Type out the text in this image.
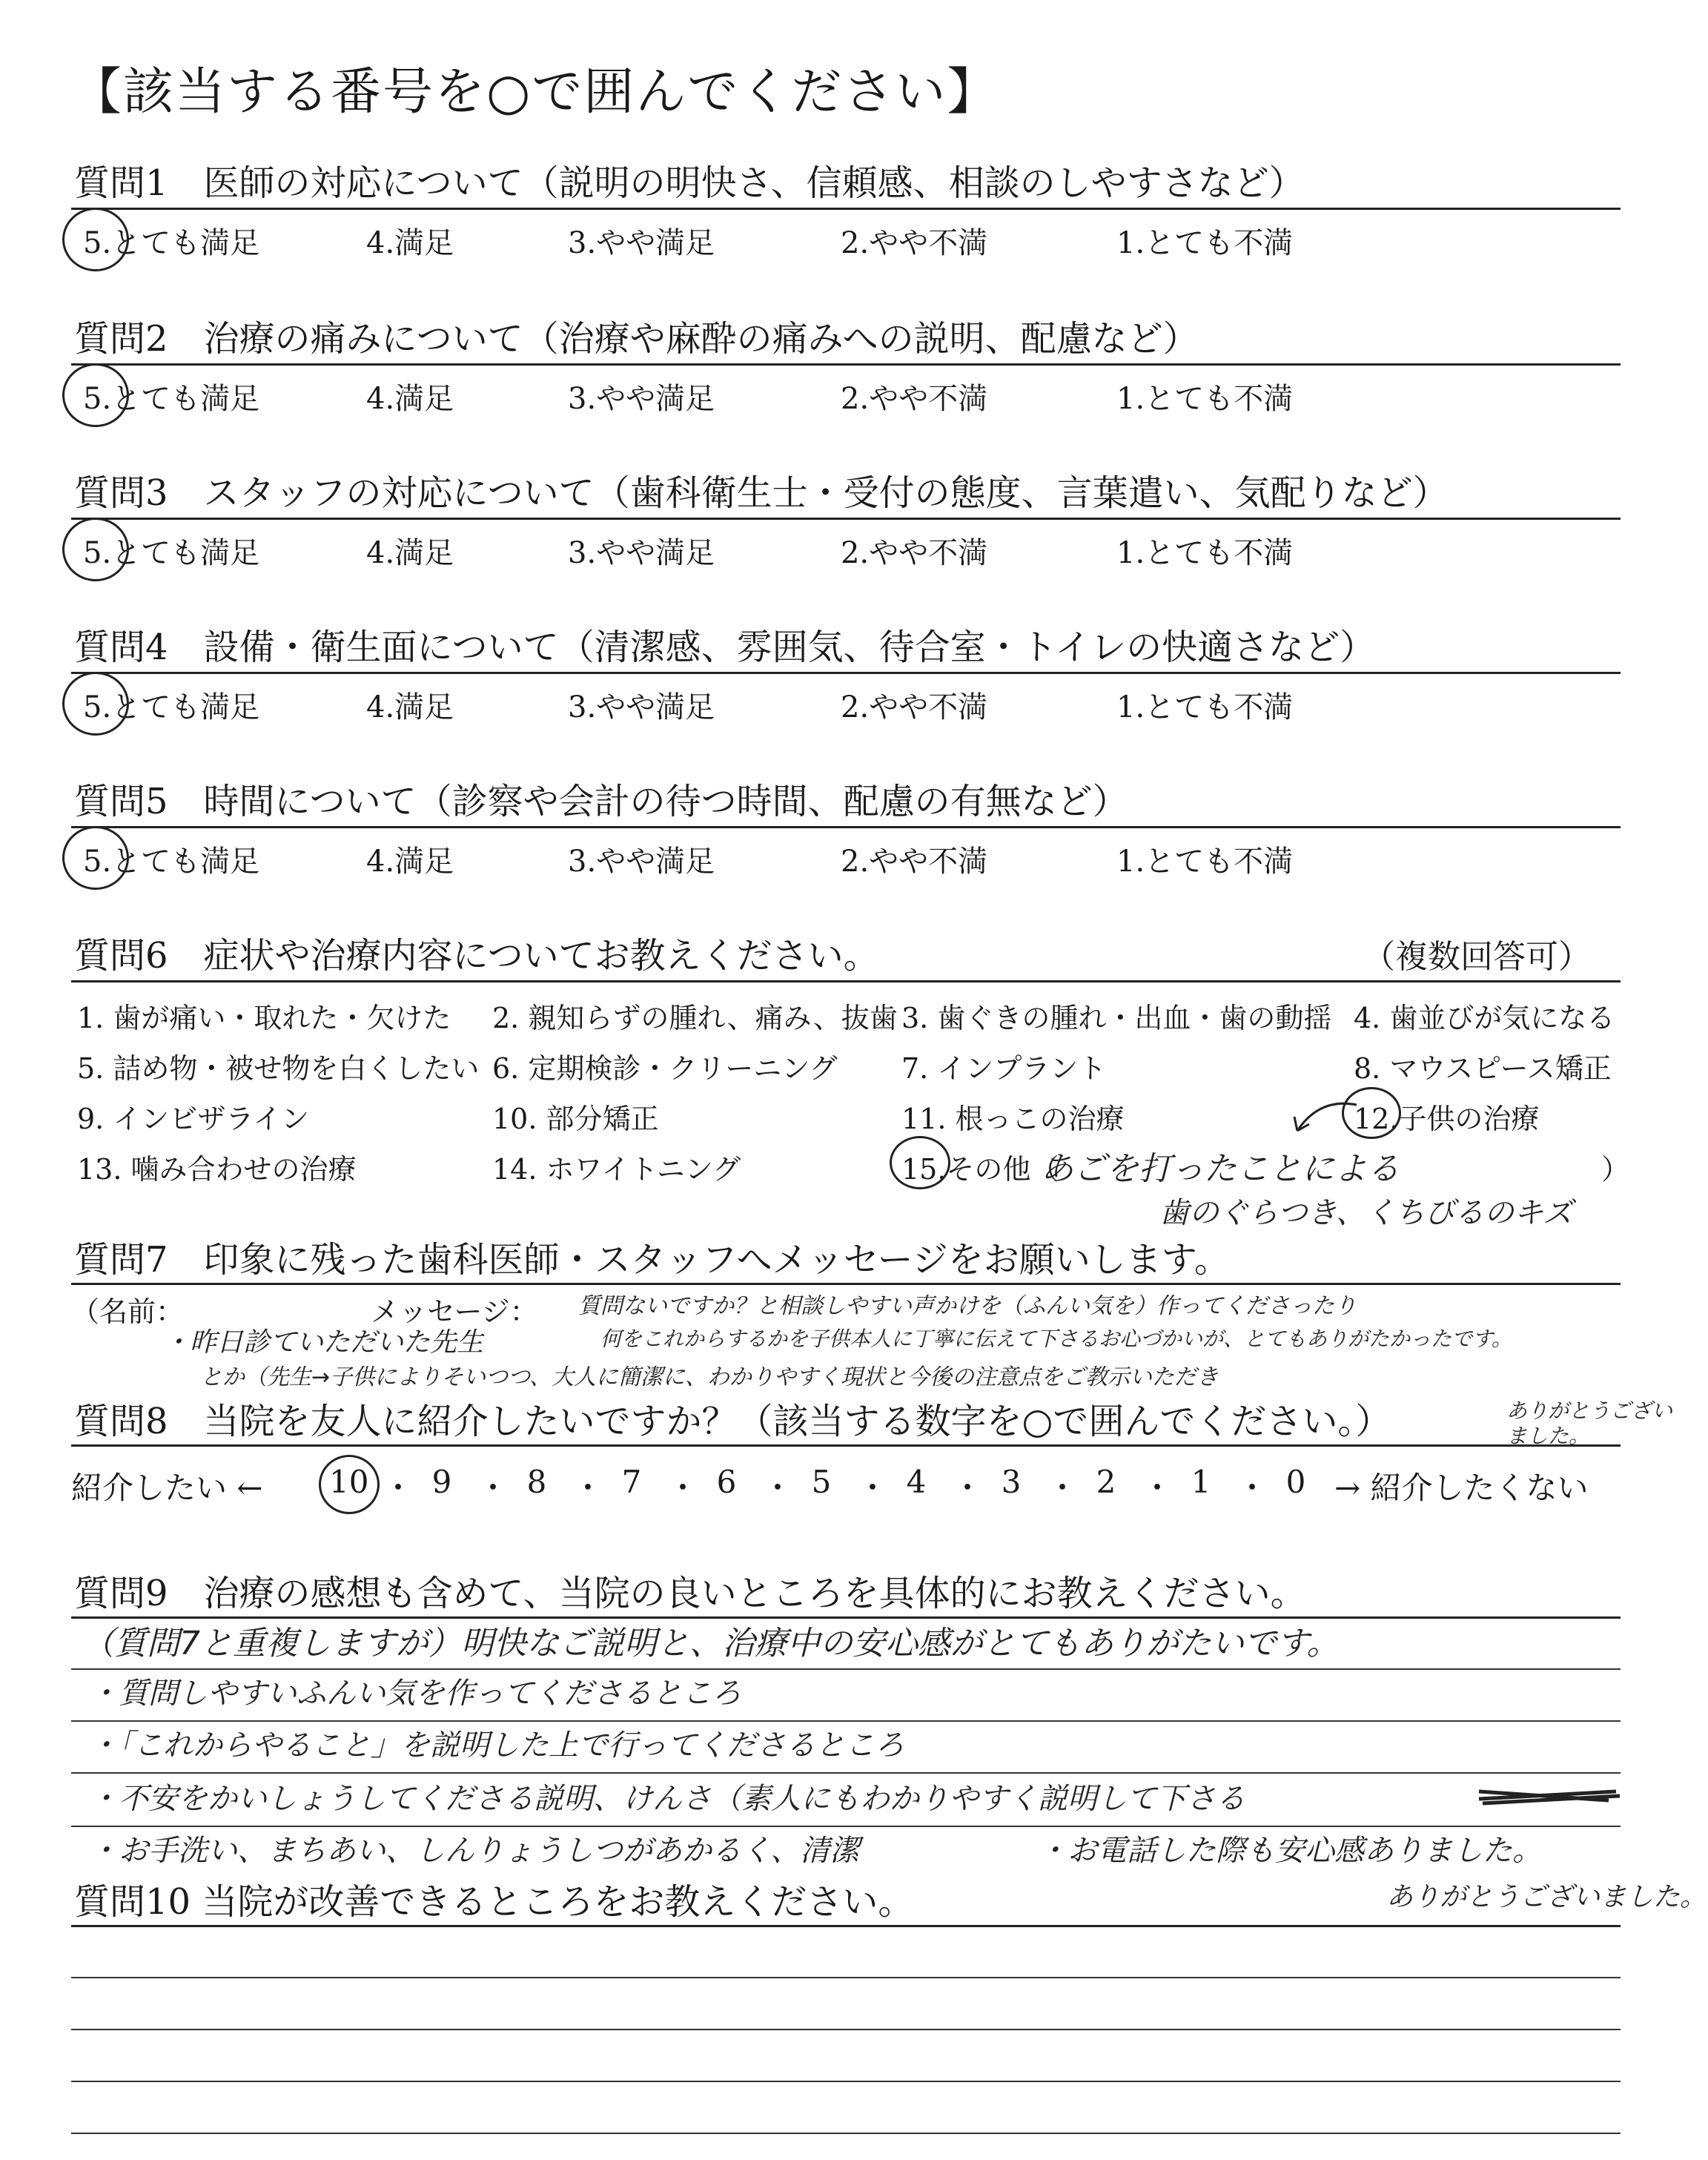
【該当する番号を○で囲んでください】
質問1　医師の対応について（説明の明快さ、信頼感、相談のしやすさなど）
5.とても満足	4.満足	3.やや満足	2.やや不満	1.とても不満
質問2　治療の痛みについて（治療や麻酔の痛みへの説明、配慮など）
5.とても満足	4.満足	3.やや満足	2.やや不満	1.とても不満
質問3　スタッフの対応について（歯科衛生士・受付の態度、言葉遣い、気配りなど）
5.とても満足	4.満足	3.やや満足	2.やや不満	1.とても不満
質問4　設備・衛生面について（清潔感、雰囲気、待合室・トイレの快適さなど）
5.とても満足	4.満足	3.やや満足	2.やや不満	1.とても不満
質問5　時間について（診察や会計の待つ時間、配慮の有無など）
5.とても満足	4.満足	3.やや満足	2.やや不満	1.とても不満
質問6　症状や治療内容についてお教えください。	（複数回答可）
1. 歯が痛い・取れた・欠けた 2. 親知らずの腫れ、痛み、抜歯 3. 歯ぐきの腫れ・出血・歯の動揺 4. 歯並びが気になる
5. 詰め物・被せ物を白くしたい 6. 定期検診・クリーニング 7. インプラント	8. マウスピース矯正
9. インビザライン	10. 部分矯正	11. 根っこの治療	12.子供の治療
13. 噛み合わせの治療	14. ホワイトニング	15.その他（
あごを打ったことによる	）
歯のぐらつき、くちびるのキズ
質問7　印象に残った歯科医師・スタッフへメッセージをお願いします。
（名前：	メッセージ： 質問ないですか？と相談しやすい声かけを（ふんい気を）作ってくださったり
・昨日診ていただいた先生	何をこれからするかを子供本人に丁寧に伝えて下さるお心づかいが、とてもありがたかったです。
とか（先生→子供によりそいつつ、大人に簡潔に、わかりやすく現状と今後の注意点をご教示いただき
ありがとうございました。
質問8　当院を友人に紹介したいですか？（該当する数字を○で囲んでください。）
紹介したい ← 10 ・ 9 ・ 8 ・ 7 ・ 6 ・ 5 ・ 4 ・ 3 ・ 2 ・ 1 ・ 0 → 紹介したくない
質問9　治療の感想も含めて、当院の良いところを具体的にお教えください。
（質問7と重複しますが）明快なご説明と、治療中の安心感がとてもありがたいです。
・質問しやすいふんい気を作ってくださるところ
・「これからやること」を説明した上で行ってくださるところ
・不安をかいしょうしてくださる説明、けんさ（素人にもわかりやすく説明して下さる
・お手洗い、まちあい、しんりょうしつがあかるく、清潔	・お電話した際も安心感ありました。
ありがとうございました。
質問10 当院が改善できるところをお教えください。
